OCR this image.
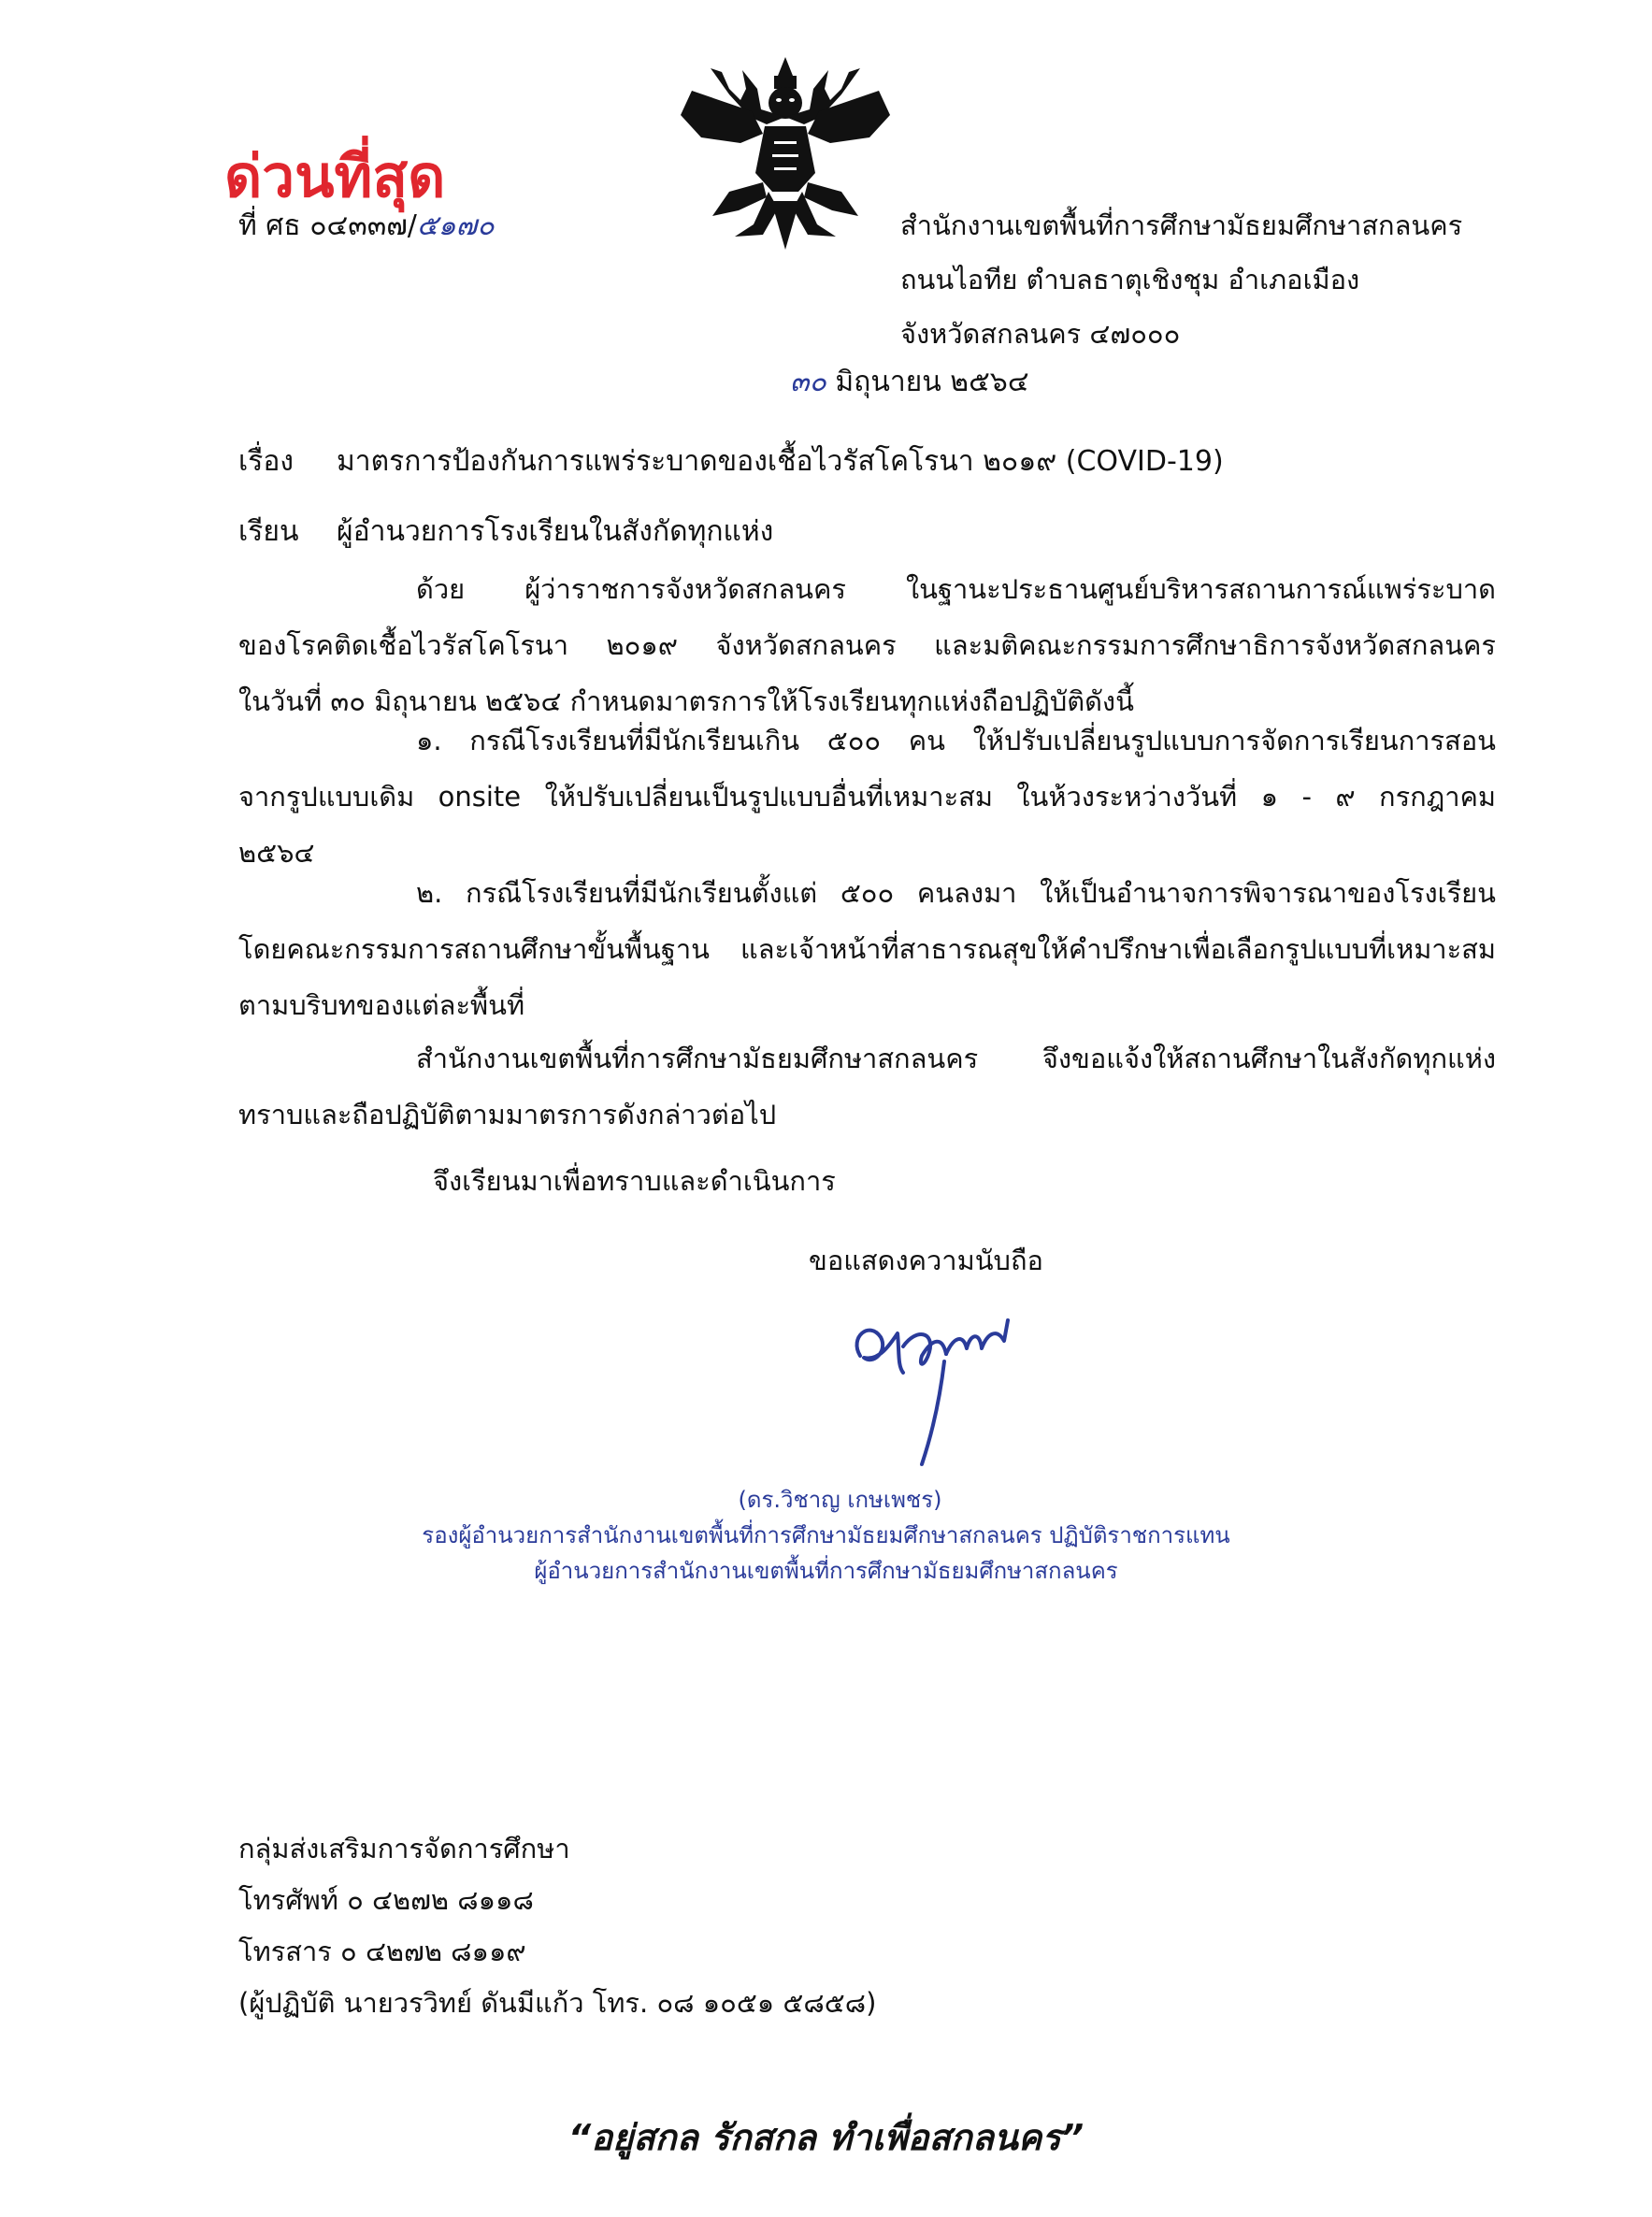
ด่วนที่สุด
ที่ ศธ ๐๔๓๓๗/๕๑๗๐	สำนักงานเขตพื้นที่การศึกษามัธยมศึกษาสกลนคร
ถนนไอทีย ตำบลธาตุเชิงชุม อำเภอเมือง
จังหวัดสกลนคร ๔๗๐๐๐
๓๐ มิถุนายน ๒๕๖๔
เรื่อง มาตรการป้องกันการแพร่ระบาดของเชื้อไวรัสโคโรนา ๒๐๑๙ (COVID-19)
เรียน ผู้อำนวยการโรงเรียนในสังกัดทุกแห่ง
ด้วย ผู้ว่าราชการจังหวัดสกลนคร ในฐานะประธานศูนย์บริหารสถานการณ์แพร่ระบาด
ของโรคติดเชื้อไวรัสโคโรนา ๒๐๑๙ จังหวัดสกลนคร และมติคณะกรรมการศึกษาธิการจังหวัดสกลนคร
ในวันที่ ๓๐ มิถุนายน ๒๕๖๔ กำหนดมาตรการให้โรงเรียนทุกแห่งถือปฏิบัติดังนี้
๑. กรณีโรงเรียนที่มีนักเรียนเกิน ๕๐๐ คน ให้ปรับเปลี่ยนรูปแบบการจัดการเรียนการสอน
จากรูปแบบเดิม onsite ให้ปรับเปลี่ยนเป็นรูปแบบอื่นที่เหมาะสม ในห้วงระหว่างวันที่ ๑ - ๙ กรกฎาคม
๒๕๖๔
๒. กรณีโรงเรียนที่มีนักเรียนตั้งแต่ ๕๐๐ คนลงมา ให้เป็นอำนาจการพิจารณาของโรงเรียน
โดยคณะกรรมการสถานศึกษาขั้นพื้นฐาน และเจ้าหน้าที่สาธารณสุขให้คำปรึกษาเพื่อเลือกรูปแบบที่เหมาะสม
ตามบริบทของแต่ละพื้นที่
สำนักงานเขตพื้นที่การศึกษามัธยมศึกษาสกลนคร จึงขอแจ้งให้สถานศึกษาในสังกัดทุกแห่ง
ทราบและถือปฏิบัติตามมาตรการดังกล่าวต่อไป
จึงเรียนมาเพื่อทราบและดำเนินการ
ขอแสดงความนับถือ
(ดร.วิชาญ เกษเพชร)
รองผู้อำนวยการสำนักงานเขตพื้นที่การศึกษามัธยมศึกษาสกลนคร ปฏิบัติราชการแทน
ผู้อำนวยการสำนักงานเขตพื้นที่การศึกษามัธยมศึกษาสกลนคร
กลุ่มส่งเสริมการจัดการศึกษา
โทรศัพท์ ๐ ๔๒๗๒ ๘๑๑๘
โทรสาร ๐ ๔๒๗๒ ๘๑๑๙
(ผู้ปฏิบัติ นายวรวิทย์ ดันมีแก้ว โทร. ๐๘ ๑๐๕๑ ๕๘๕๘)
“อยู่สกล รักสกล ทำเพื่อสกลนคร”
